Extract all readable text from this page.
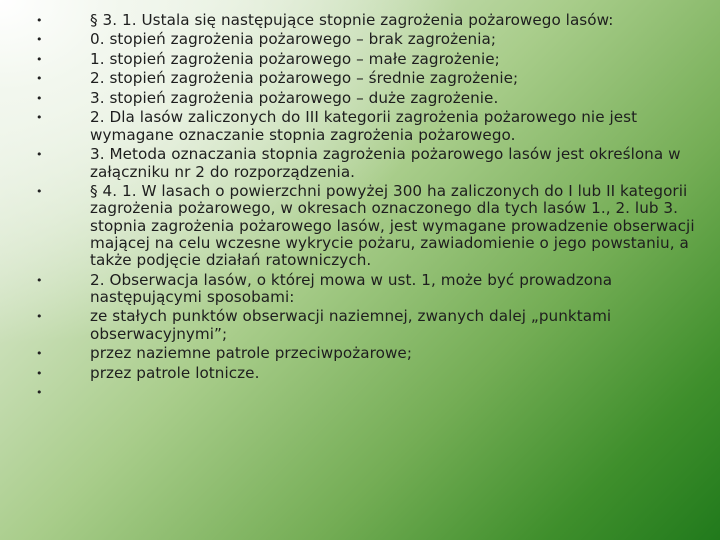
•	§ 3. 1. Ustala się następujące stopnie zagrożenia pożarowego lasów:
•	0. stopień zagrożenia pożarowego – brak zagrożenia;
•	1. stopień zagrożenia pożarowego – małe zagrożenie;
•	2. stopień zagrożenia pożarowego – średnie zagrożenie;
•	3. stopień zagrożenia pożarowego – duże zagrożenie.
•	2. Dla lasów zaliczonych do III kategorii zagrożenia pożarowego nie jest wymagane oznaczanie stopnia zagrożenia pożarowego.
•	3. Metoda oznaczania stopnia zagrożenia pożarowego lasów jest określona w załączniku nr 2 do rozporządzenia.
•	§ 4. 1. W lasach o powierzchni powyżej 300 ha zaliczonych do I lub II kategorii zagrożenia pożarowego, w okresach oznaczonego dla tych lasów 1., 2. lub 3. stopnia zagrożenia pożarowego lasów, jest wymagane prowadzenie obserwacji mającej na celu wczesne wykrycie pożaru, zawiadomienie o jego powstaniu, a także podjęcie działań ratowniczych.
•	2. Obserwacja lasów, o której mowa w ust. 1, może być prowadzona następującymi sposobami:
•	ze stałych punktów obserwacji naziemnej, zwanych dalej „punktami obserwacyjnymi”;
•	przez naziemne patrole przeciwpożarowe;
•	przez patrole lotnicze.
•
